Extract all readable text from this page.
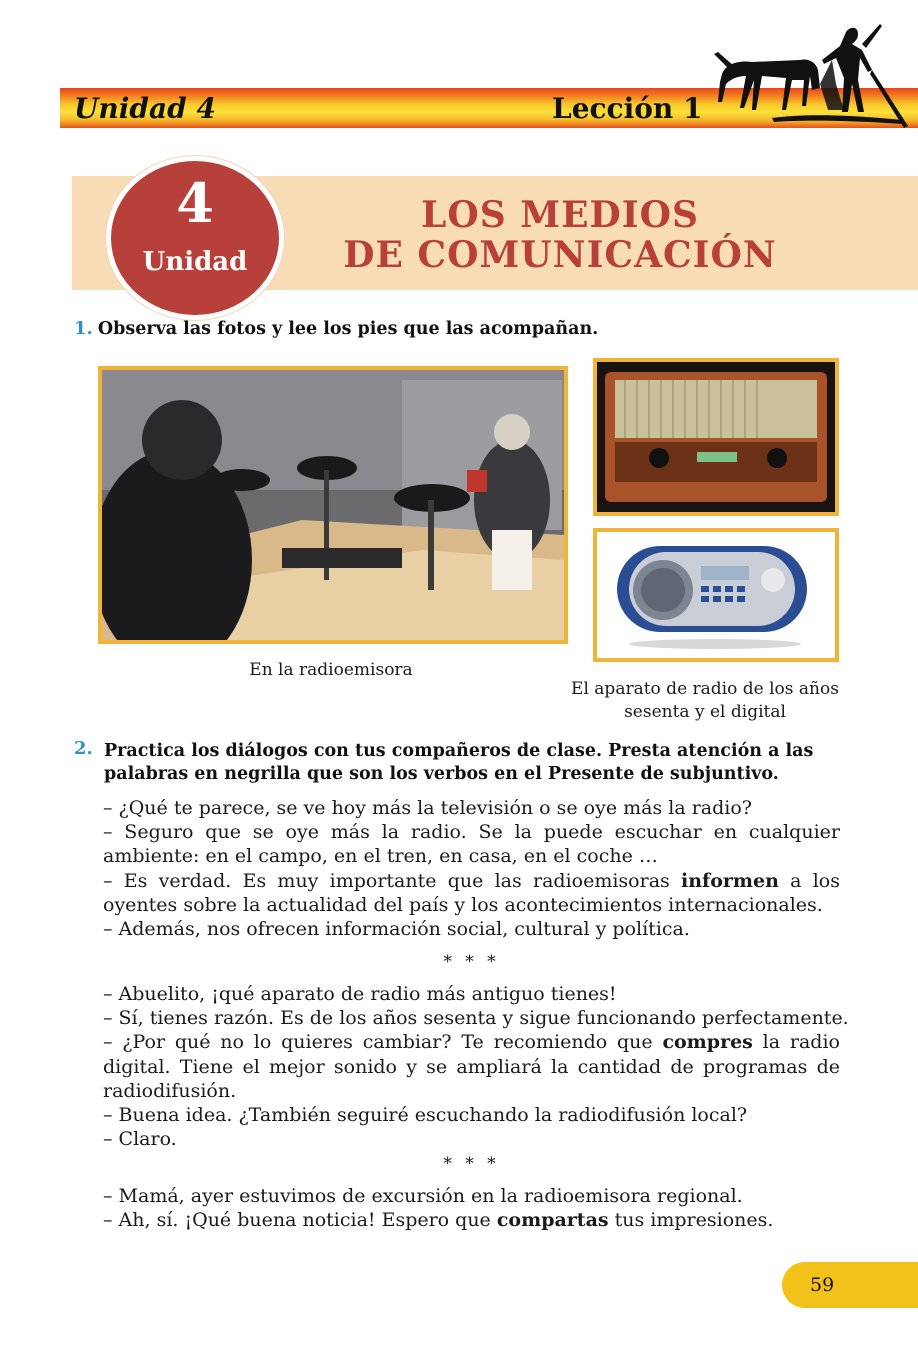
Unidad 4	Lección 1
4
Unidad
LOS MEDIOS
DE COMUNICACIÓN
1. Observa las fotos y lee los pies que las acompañan.
En la radioemisora
El aparato de radio de los años
sesenta y el digital
2. Practica los diálogos con tus compañeros de clase. Presta atención a las palabras en negrilla que son los verbos en el Presente de subjuntivo.

– ¿Qué te parece, se ve hoy más la televisión o se oye más la radio?

– Seguro que se oye más la radio. Se la puede escuchar en cualquier ambiente: en el campo, en el tren, en casa, en el coche …

– Es verdad. Es muy importante que las radioemisoras informen a los oyentes sobre la actualidad del país y los acontecimientos internacionales.

– Además, nos ofrecen información social, cultural y política.

* * *

– Abuelito, ¡qué aparato de radio más antiguo tienes!

– Sí, tienes razón. Es de los años sesenta y sigue funcionando perfectamente.

– ¿Por qué no lo quieres cambiar? Te recomiendo que compres la radio digital. Tiene el mejor sonido y se ampliará la cantidad de programas de radiodifusión.

– Buena idea. ¿También seguiré escuchando la radiodifusión local?

– Claro.

* * *

– Mamá, ayer estuvimos de excursión en la radioemisora regional.

– Ah, sí. ¡Qué buena noticia! Espero que compartas tus impresiones.

59
